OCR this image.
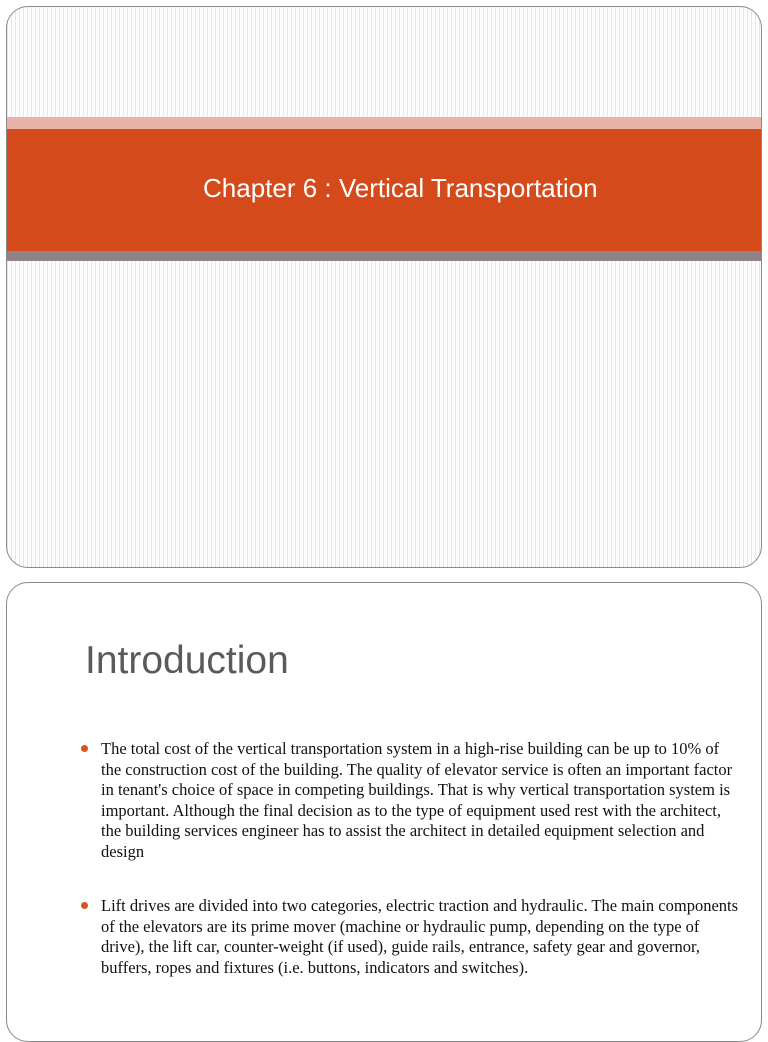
Chapter 6 : Vertical Transportation
Introduction
The total cost of the vertical transportation system in a high-rise building can be up to 10% of the construction cost of the building. The quality of elevator service is often an important factor in tenant's choice of space in competing buildings. That is why vertical transportation system is important. Although the final decision as to the type of equipment used rest with the architect, the building services engineer has to assist the architect in detailed equipment selection and design
Lift drives are divided into two categories, electric traction and hydraulic. The main components of the elevators are its prime mover (machine or hydraulic pump, depending on the type of drive), the lift car, counter-weight (if used), guide rails, entrance, safety gear and governor, buffers, ropes and fixtures (i.e. buttons, indicators and switches).
